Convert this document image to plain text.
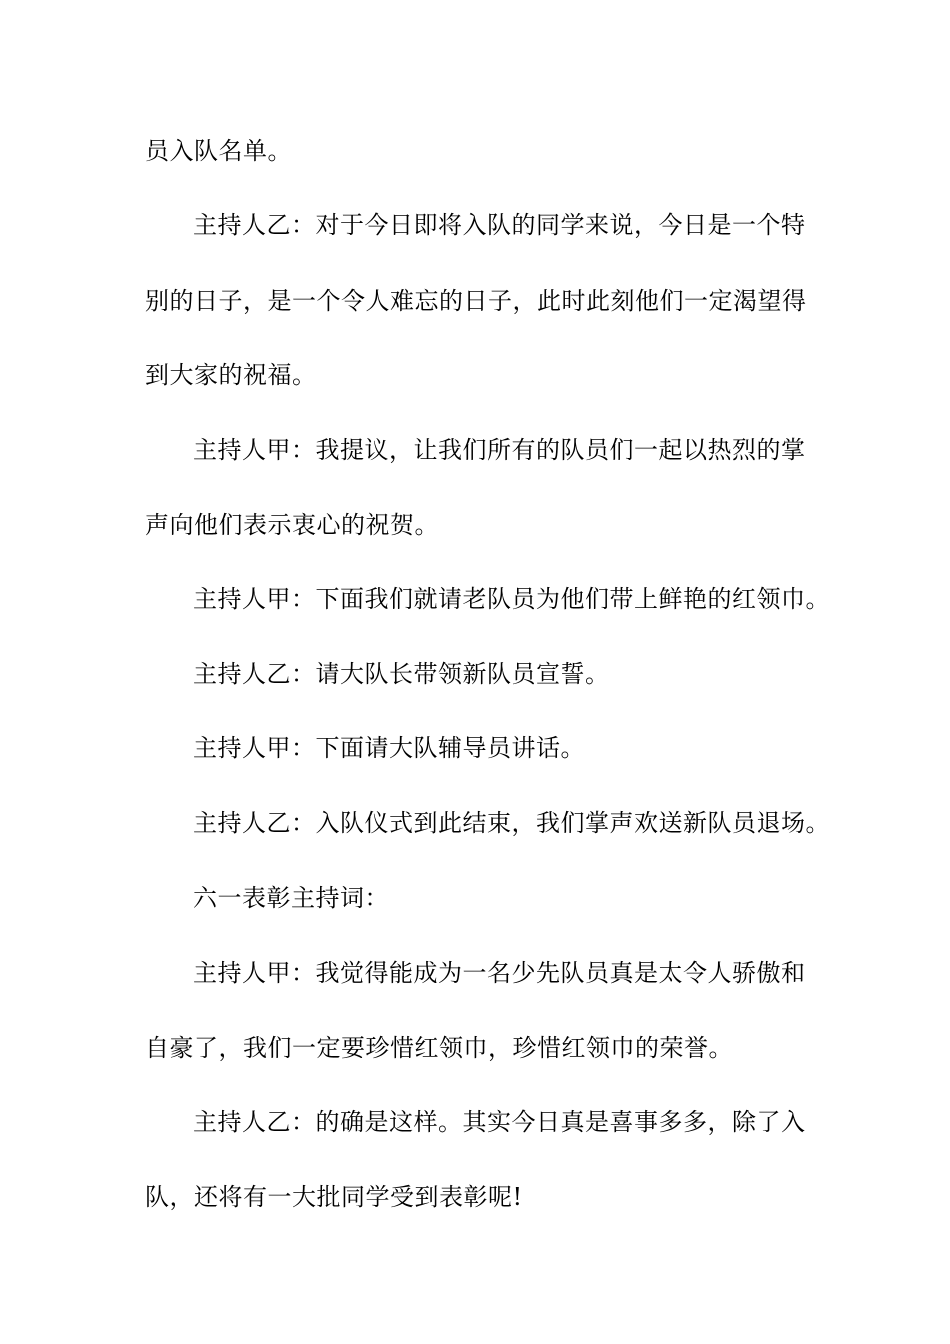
员入队名单。
主持人乙：对于今日即将入队的同学来说，今日是一个特
别的日子，是一个令人难忘的日子，此时此刻他们一定渴望得
到大家的祝福。
主持人甲：我提议，让我们所有的队员们一起以热烈的掌
声向他们表示衷心的祝贺。
主持人甲：下面我们就请老队员为他们带上鲜艳的红领巾。
主持人乙：请大队长带领新队员宣誓。
主持人甲：下面请大队辅导员讲话。
主持人乙：入队仪式到此结束，我们掌声欢送新队员退场。
六一表彰主持词：
主持人甲：我觉得能成为一名少先队员真是太令人骄傲和
自豪了，我们一定要珍惜红领巾，珍惜红领巾的荣誉。
主持人乙：的确是这样。其实今日真是喜事多多，除了入
队，还将有一大批同学受到表彰呢!
